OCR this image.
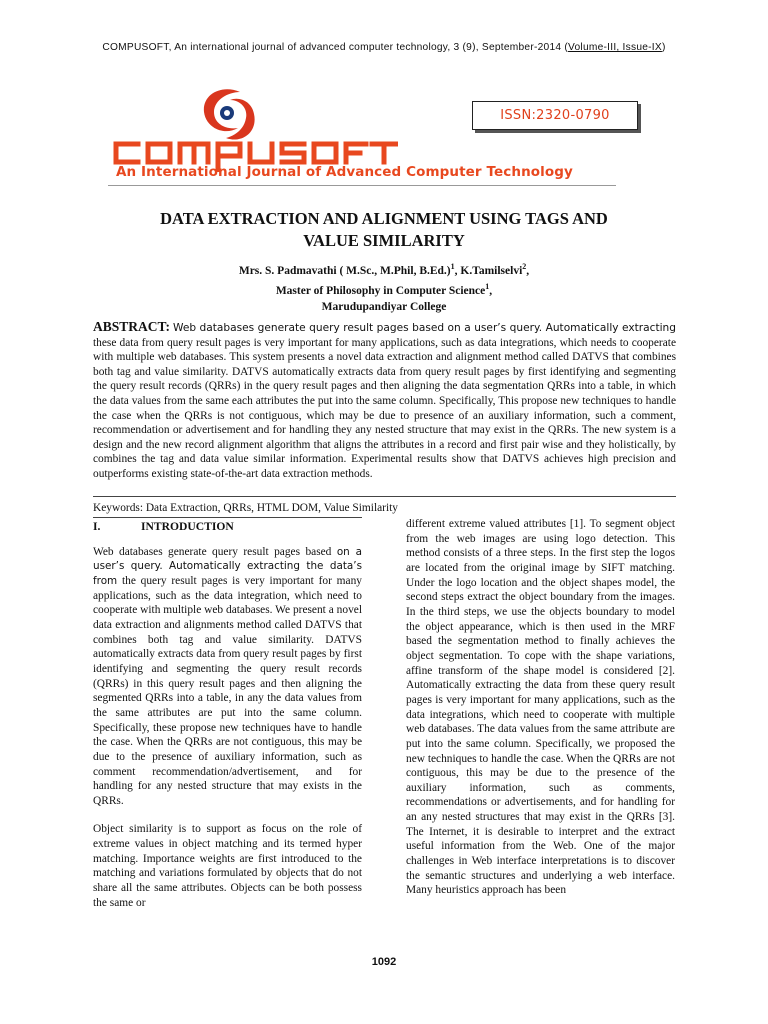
COMPUSOFT, An international journal of advanced computer technology, 3 (9), September-2014 (Volume-III, Issue-IX)
An International Journal of Advanced Computer Technology
ISSN:2320-0790
DATA EXTRACTION AND ALIGNMENT USING TAGS AND
VALUE SIMILARITY
Mrs. S. Padmavathi ( M.Sc., M.Phil, B.Ed.)$^1$, K.Tamilselvi$^2$,
Master of Philosophy in Computer Science$^1$,
Marudupandiyar College
ABSTRACT: Web databases generate query result pages based on a user’s query. Automatically extracting these data from query result pages is very important for many applications, such as data integrations, which needs to cooperate with multiple web databases. This system presents a novel data extraction and alignment method called DATVS that combines both tag and value similarity. DATVS automatically extracts data from query result pages by first identifying and segmenting the query result records (QRRs) in the query result pages and then aligning the data segmentation QRRs into a table, in which the data values from the same each attributes the put into the same column. Specifically, This propose new techniques to handle the case when the QRRs is not contiguous, which may be due to presence of an auxiliary information, such a comment, recommendation or advertisement and for handling they any nested structure that may exist in the QRRs. The new system is a design and the new record alignment algorithm that aligns the attributes in a record and first pair wise and they holistically, by combines the tag and data value similar information. Experimental results show that DATVS achieves high precision and outperforms existing state-of-the-art data extraction methods.
Keywords: Data Extraction, QRRs, HTML DOM, Value Similarity
I.	INTRODUCTION

Web databases generate query result pages based on a user’s query. Automatically extracting the data’s from the query result pages is very important for many applications, such as the data integration, which need to cooperate with multiple web databases. We present a novel data extraction and alignments method called DATVS that combines both tag and value similarity. DATVS automatically extracts data from query result pages by first identifying and segmenting the query result records (QRRs) in this query result pages and then aligning the segmented QRRs into a table, in any the data values from the same attributes are put into the same column. Specifically, these propose new techniques have to handle the case. When the QRRs are not contiguous, this may be due to the presence of auxiliary information, such as comment recommendation/advertisement, and for handling for any nested structure that may exists in the QRRs.

Object similarity is to support as focus on the role of extreme values in object matching and its termed hyper matching. Importance weights are first introduced to the matching and variations formulated by objects that do not share all the same attributes. Objects can be both possess the same or

different extreme valued attributes [1]. To segment object from the web images are using logo detection. This method consists of a three steps. In the first step the logos are located from the original image by SIFT matching. Under the logo location and the object shapes model, the second steps extract the object boundary from the images. In the third steps, we use the objects boundary to model the object appearance, which is then used in the MRF based the segmentation method to finally achieves the object segmentation. To cope with the shape variations, affine transform of the shape model is considered [2]. Automatically extracting the data from these query result pages is very important for many applications, such as the data integrations, which need to cooperate with multiple web databases. The data values from the same attribute are put into the same column. Specifically, we proposed the new techniques to handle the case. When the QRRs are not contiguous, this may be due to the presence of the auxiliary information, such as comments, recommendations or advertisements, and for handling for an any nested structures that may exist in the QRRs [3]. The Internet, it is desirable to interpret and the extract useful information from the Web. One of the major challenges in Web interface interpretations is to discover the semantic structures and underlying a web interface. Many heuristics approach has been

1092
